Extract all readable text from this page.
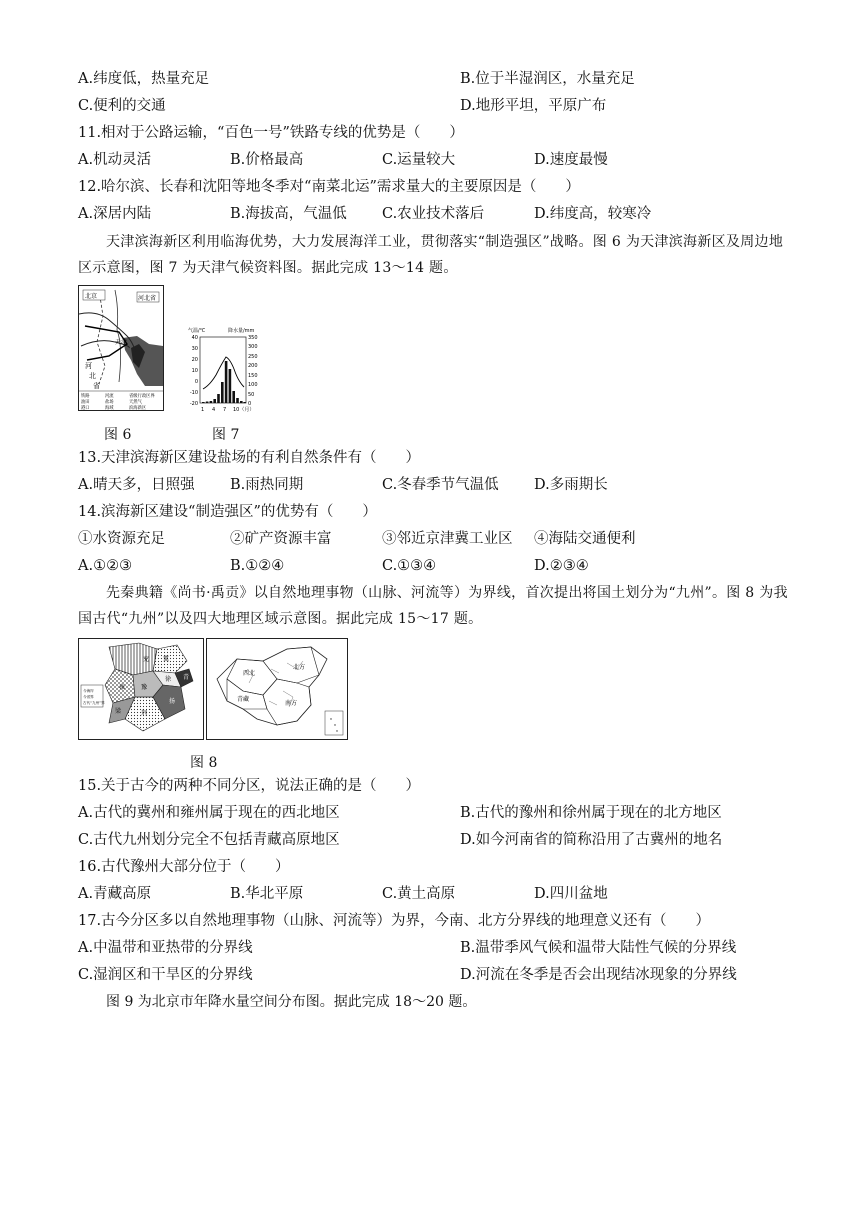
A.纬度低，热量充足	B.位于半湿润区，水量充足
C.便利的交通	D.地形平坦，平原广布
11.相对于公路运输，“百色一号”铁路专线的优势是（　　）
A.机动灵活	B.价格最高	C.运量较大	D.速度最慢
12.哈尔滨、长春和沈阳等地冬季对“南菜北运”需求量大的主要原因是（　　）
A.深居内陆	B.海拔高，气温低 C.农业技术落后	D.纬度高，较寒冷
天津滨海新区利用临海优势，大力发展海洋工业，贯彻落实“制造强区”战略。图 6 为天津滨海新区及周边地区示意图，图 7 为天津气候资料图。据此完成 13～14 题。
北京	河北省
天津
河
北
省
铁路	河流	省级行政区界
油田	盐场	天然气
港口	海域	滨海新区
图 6
气温/℃	降水量/mm
40
30
20
10
0
-10
-20
350
300
250
200
150
100
50
0
1 4 7 10（月）
图 7
13.天津滨海新区建设盐场的有利自然条件有（　　）
A.晴天多，日照强 B.雨热同期	C.冬春季节气温低 D.多雨期长
14.滨海新区建设“制造强区”的优势有（　　）
①水资源充足	②矿产资源丰富	③邻近京津冀工业区 ④海陆交通便利
A.①②③	B.①②④	C.①③④	D.②③④
先秦典籍《尚书·禹贡》以自然地理事物（山脉、河流等）为界线，首次提出将国土划分为“九州”。图 8 为我国古代“九州”以及四大地理区域示意图。据此完成 15～17 题。
雍
冀
豫
徐
扬
荆
梁
兖
青
今海岸
今省界
古代“九州”界
西北
北方
南方
青藏
图 8
15.关于古今的两种不同分区，说法正确的是（　　）
A.古代的冀州和雍州属于现在的西北地区	B.古代的豫州和徐州属于现在的北方地区
C.古代九州划分完全不包括青藏高原地区	D.如今河南省的简称沿用了古冀州的地名
16.古代豫州大部分位于（　　）
A.青藏高原	B.华北平原	C.黄土高原	D.四川盆地
17.古今分区多以自然地理事物（山脉、河流等）为界，今南、北方分界线的地理意义还有（　　）
A.中温带和亚热带的分界线	B.温带季风气候和温带大陆性气候的分界线
C.湿润区和干旱区的分界线	D.河流在冬季是否会出现结冰现象的分界线
图 9 为北京市年降水量空间分布图。据此完成 18～20 题。
